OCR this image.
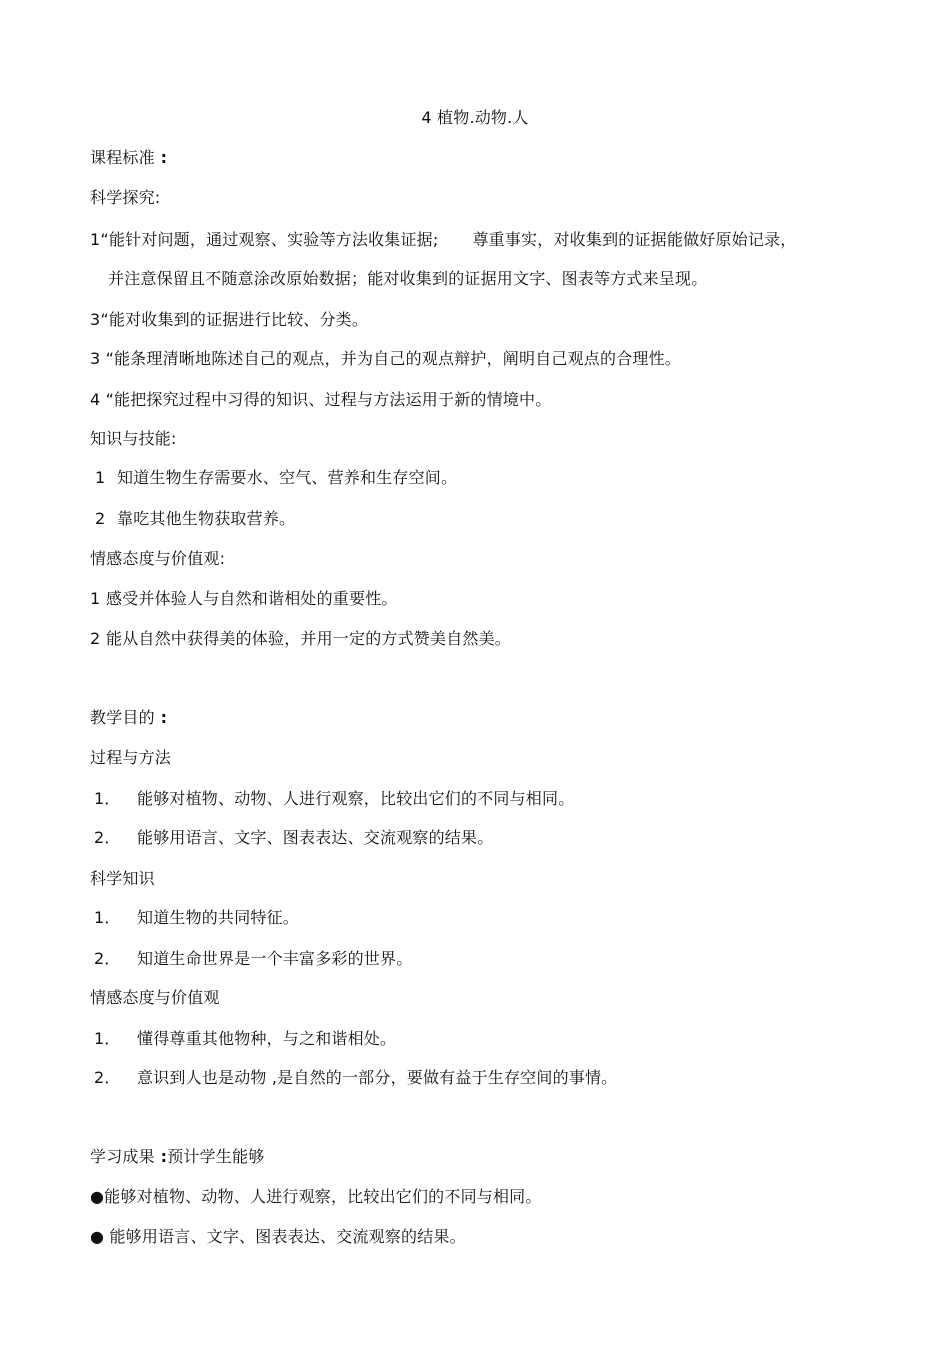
4 植物.动物.人
课程标准 :
科学探究:
1“能针对问题，通过观察、实验等方法收集证据; 尊重事实，对收集到的证据能做好原始记录，
并注意保留且不随意涂改原始数据；能对收集到的证据用文字、图表等方式来呈现。
3“能对收集到的证据进行比较、分类。
3 “能条理清晰地陈述自己的观点，并为自己的观点辩护，阐明自己观点的合理性。
4 “能把探究过程中习得的知识、过程与方法运用于新的情境中。
知识与技能:
1 知道生物生存需要水、空气、营养和生存空间。
2 靠吃其他生物获取营养。
情感态度与价值观:
1 感受并体验人与自然和谐相处的重要性。
2 能从自然中获得美的体验，并用一定的方式赞美自然美。
教学目的 :
过程与方法
1． 能够对植物、动物、人进行观察，比较出它们的不同与相同。
2． 能够用语言、文字、图表表达、交流观察的结果。
科学知识
1． 知道生物的共同特征。
2． 知道生命世界是一个丰富多彩的世界。
情感态度与价值观
1． 懂得尊重其他物种，与之和谐相处。
2． 意识到人也是动物 ,是自然的一部分，要做有益于生存空间的事情。
学习成果 :预计学生能够
●能够对植物、动物、人进行观察，比较出它们的不同与相同。
● 能够用语言、文字、图表表达、交流观察的结果。
